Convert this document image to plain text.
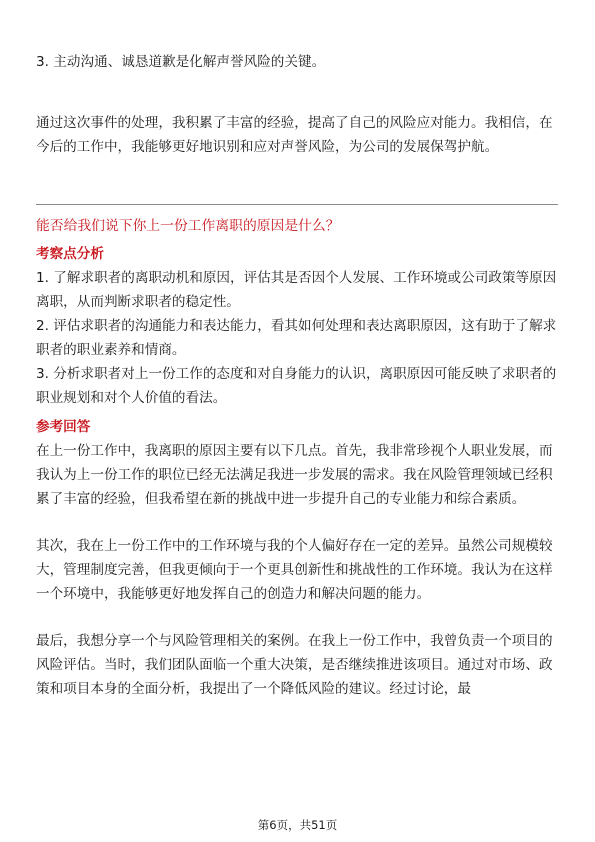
3. 主动沟通、诚恳道歉是化解声誉风险的关键。

通过这次事件的处理，我积累了丰富的经验，提高了自己的风险应对能力。我相信，在今后的工作中，我能够更好地识别和应对声誉风险，为公司的发展保驾护航。

能否给我们说下你上一份工作离职的原因是什么？

考察点分析

1. 了解求职者的离职动机和原因，评估其是否因个人发展、工作环境或公司政策等原因离职，从而判断求职者的稳定性。

2. 评估求职者的沟通能力和表达能力，看其如何处理和表达离职原因，这有助于了解求职者的职业素养和情商。

3. 分析求职者对上一份工作的态度和对自身能力的认识，离职原因可能反映了求职者的职业规划和对个人价值的看法。

参考回答

在上一份工作中，我离职的原因主要有以下几点。首先，我非常珍视个人职业发展，而我认为上一份工作的职位已经无法满足我进一步发展的需求。我在风险管理领域已经积累了丰富的经验，但我希望在新的挑战中进一步提升自己的专业能力和综合素质。

其次，我在上一份工作中的工作环境与我的个人偏好存在一定的差异。虽然公司规模较大，管理制度完善，但我更倾向于一个更具创新性和挑战性的工作环境。我认为在这样一个环境中，我能够更好地发挥自己的创造力和解决问题的能力。

最后，我想分享一个与风险管理相关的案例。在我上一份工作中，我曾负责一个项目的风险评估。当时，我们团队面临一个重大决策，是否继续推进该项目。通过对市场、政策和项目本身的全面分析，我提出了一个降低风险的建议。经过讨论，最

第6页，共51页
